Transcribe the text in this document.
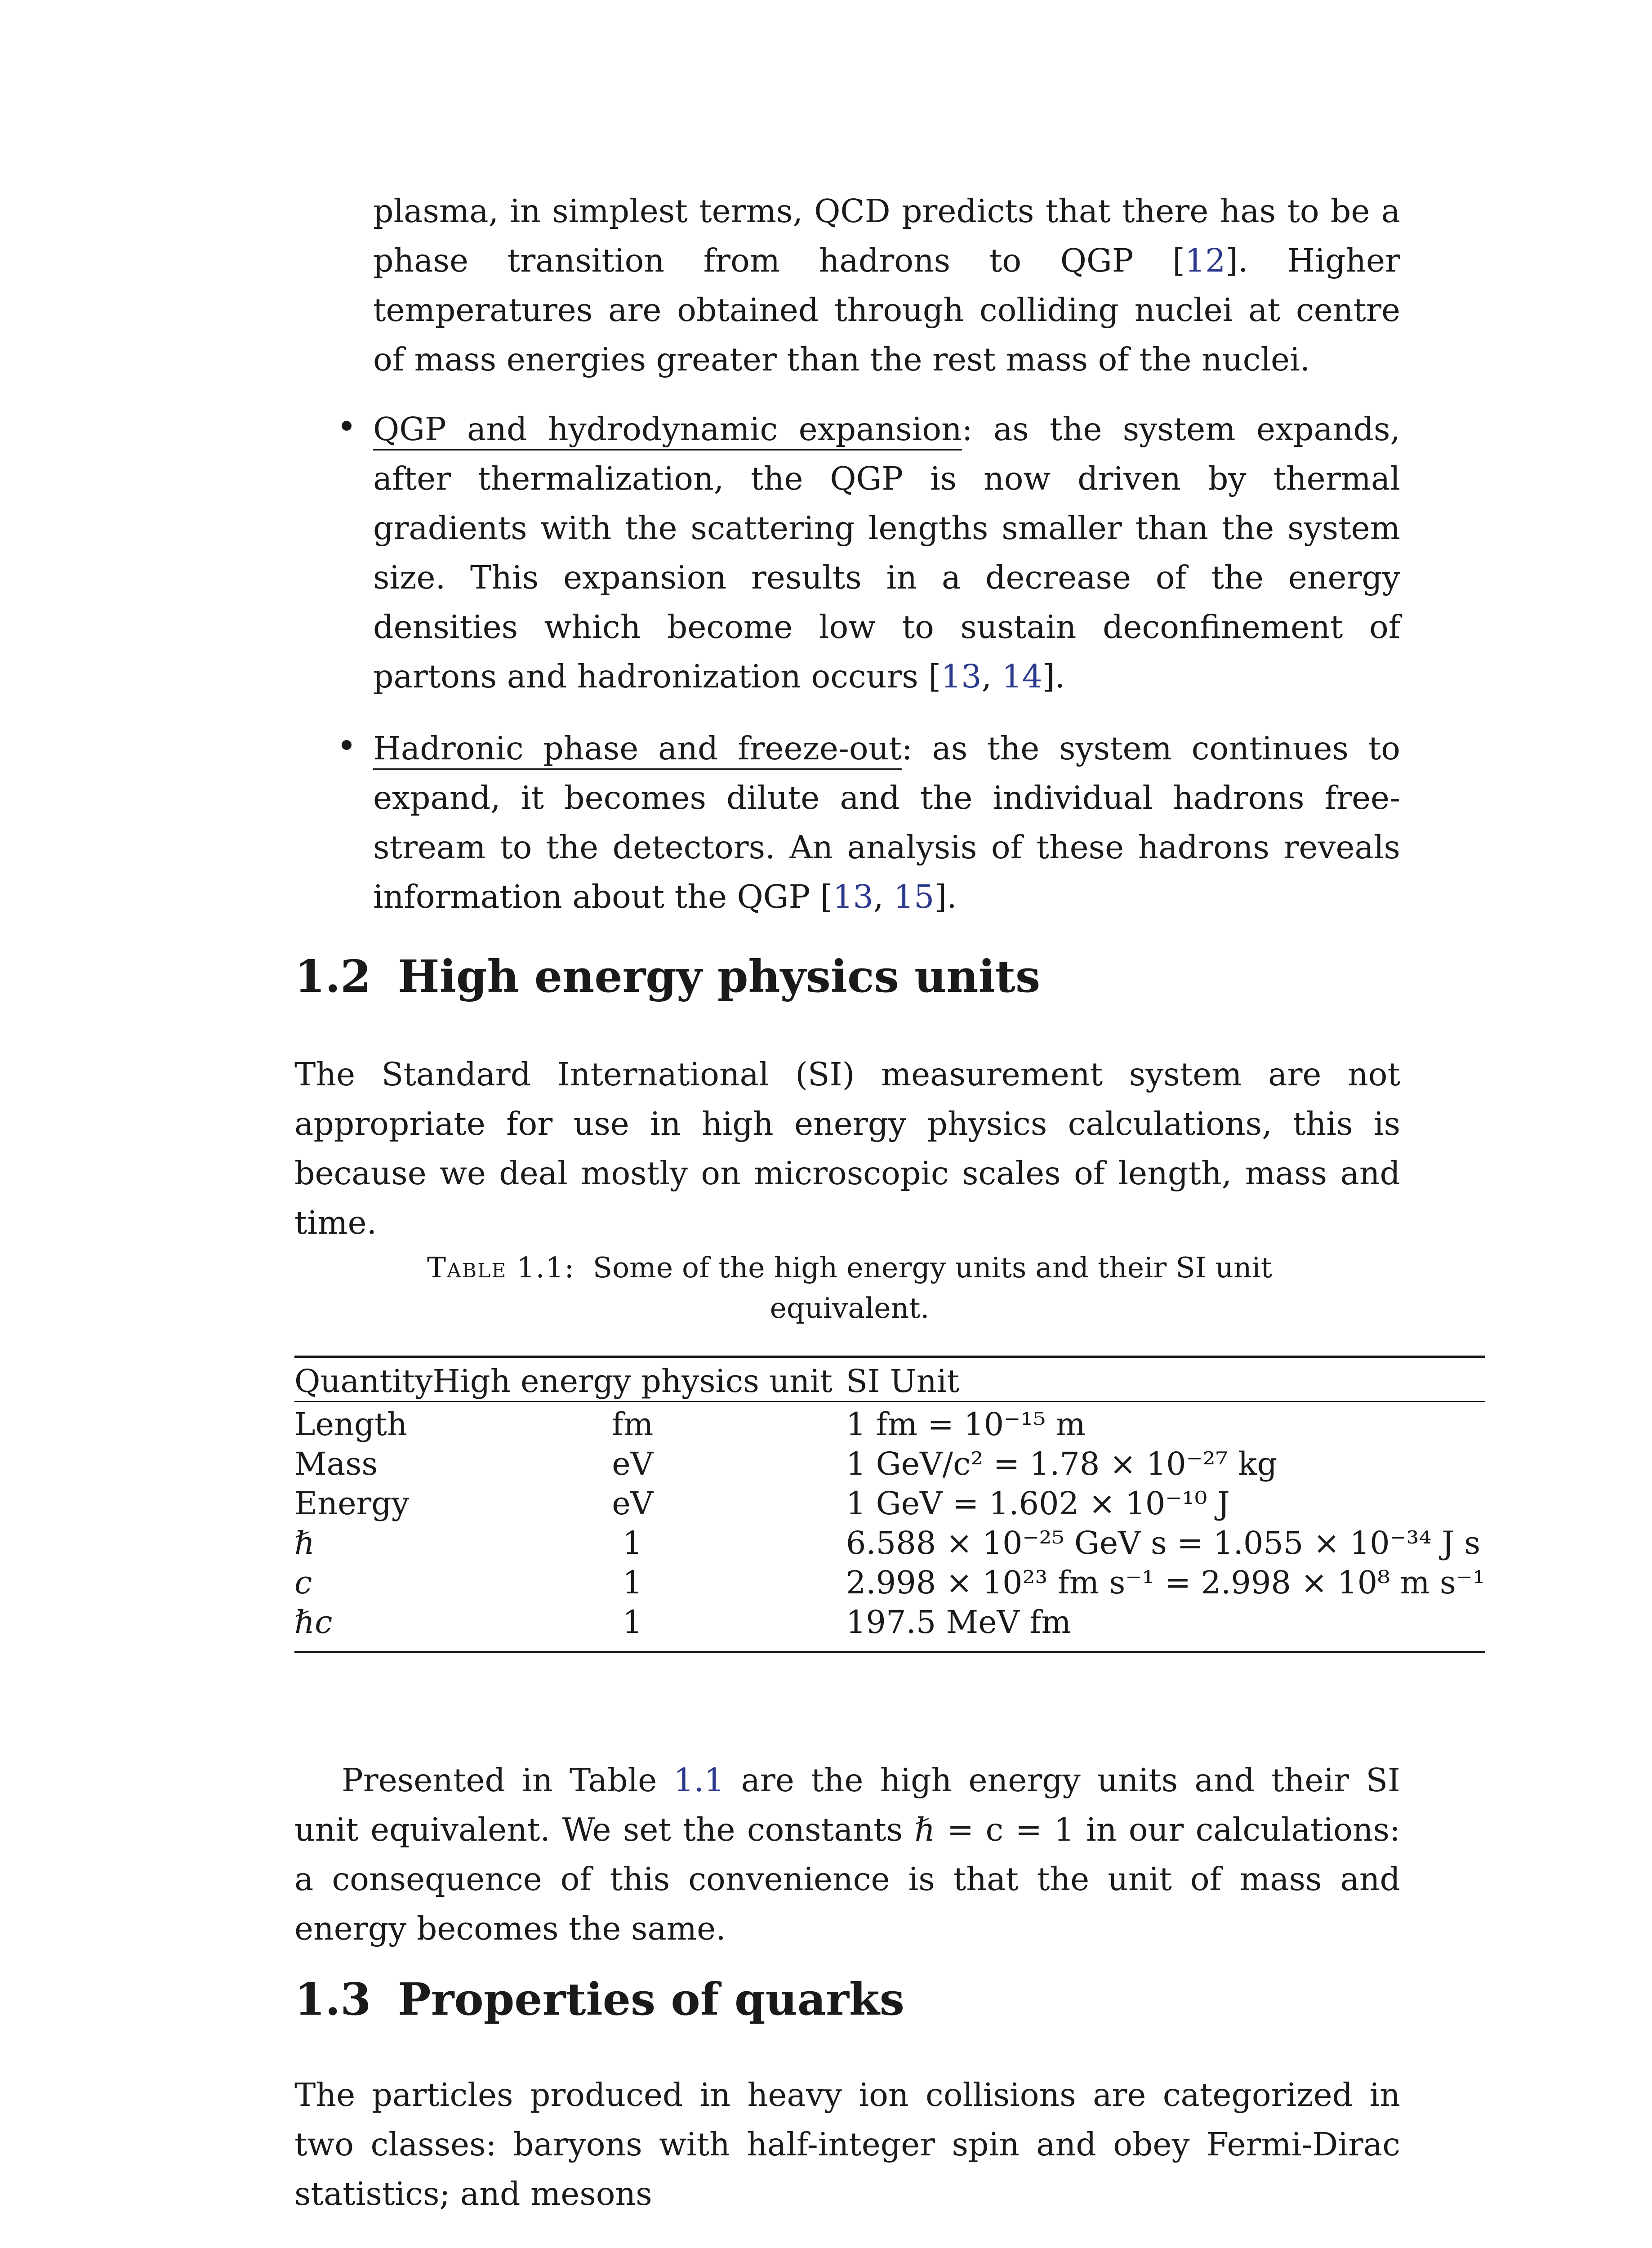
plasma, in simplest terms, QCD predicts that there has to be a phase transition from hadrons to QGP [12]. Higher temperatures are obtained through colliding nuclei at centre of mass energies greater than the rest mass of the nuclei.

QGP and hydrodynamic expansion: as the system expands, after thermalization, the QGP is now driven by thermal gradients with the scattering lengths smaller than the system size. This expansion results in a decrease of the energy densities which become low to sustain deconfinement of partons and hadronization occurs [13, 14].
Hadronic phase and freeze-out: as the system continues to expand, it becomes dilute and the individual hadrons free-stream to the detectors. An analysis of these hadrons reveals information about the QGP [13, 15].
1.2 High energy physics units

The Standard International (SI) measurement system are not appropriate for use in high energy physics calculations, this is because we deal mostly on microscopic scales of length, mass and time.

Table 1.1: Some of the high energy units and their SI unit equivalent.
Quantity	High energy physics unit	SI Unit
Length	fm	1 fm = 10⁻¹⁵ m
Mass	eV	1 GeV/c² = 1.78 × 10⁻²⁷ kg
Energy	eV	1 GeV = 1.602 × 10⁻¹⁰ J
ℏ	1	6.588 × 10⁻²⁵ GeV s = 1.055 × 10⁻³⁴ J s
c	1	2.998 × 10²³ fm s⁻¹ = 2.998 × 10⁸ m s⁻¹
ℏc	1	197.5 MeV fm

Presented in Table 1.1 are the high energy units and their SI unit equivalent. We set the constants ℏ = c = 1 in our calculations: a consequence of this convenience is that the unit of mass and energy becomes the same.

1.3 Properties of quarks

The particles produced in heavy ion collisions are categorized in two classes: baryons with half-integer spin and obey Fermi-Dirac statistics; and mesons
